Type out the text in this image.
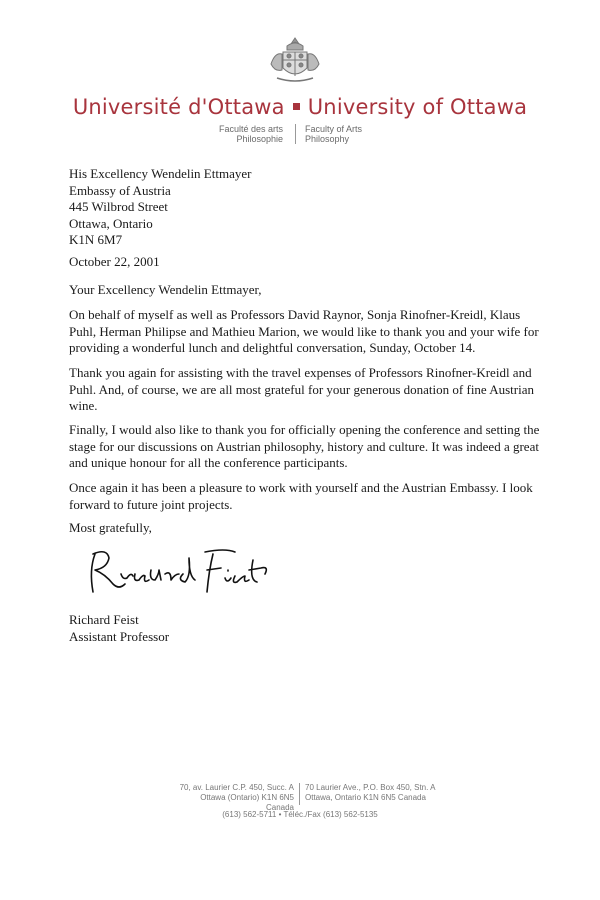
Université d'Ottawa University of Ottawa
Faculté des arts
Philosophie
Faculty of Arts
Philosophy
His Excellency Wendelin Ettmayer
Embassy of Austria
445 Wilbrod Street
Ottawa, Ontario
K1N 6M7
October 22, 2001
Your Excellency Wendelin Ettmayer,
On behalf of myself as well as Professors David Raynor, Sonja Rinofner-Kreidl, Klaus Puhl, Herman Philipse and Mathieu Marion, we would like to thank you and your wife for providing a wonderful lunch and delightful conversation, Sunday, October 14.
Thank you again for assisting with the travel expenses of Professors Rinofner-Kreidl and Puhl. And, of course, we are all most grateful for your generous donation of fine Austrian wine.
Finally, I would also like to thank you for officially opening the conference and setting the stage for our discussions on Austrian philosophy, history and culture. It was indeed a great and unique honour for all the conference participants.
Once again it has been a pleasure to work with yourself and the Austrian Embassy. I look forward to future joint projects.
Most gratefully,
Richard Feist
Assistant Professor
70, av. Laurier C.P. 450, Succ. A
Ottawa (Ontario) K1N 6N5 Canada
70 Laurier Ave., P.O. Box 450, Stn. A
Ottawa, Ontario K1N 6N5 Canada
(613) 562-5711 • Téléc./Fax (613) 562-5135
